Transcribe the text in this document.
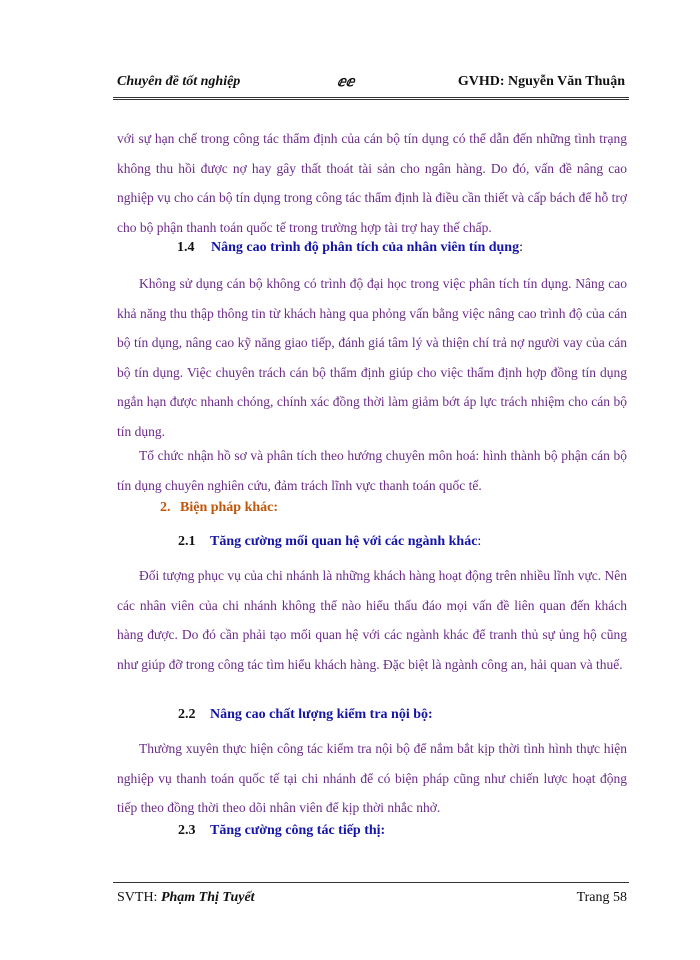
Chuyên đề tốt nghiệp	ⅇⅇ	GVHD: Nguyễn Văn Thuận
với sự hạn chế trong công tác thẩm định của cán bộ tín dụng có thể dẫn đến những tình trạng không thu hồi được nợ hay gây thất thoát tài sản cho ngân hàng. Do đó, vấn đề nâng cao nghiệp vụ cho cán bộ tín dụng trong công tác thẩm định là điều cần thiết và cấp bách để hỗ trợ cho bộ phận thanh toán quốc tế trong trường hợp tài trợ hay thế chấp.
1.4 Nâng cao trình độ phân tích của nhân viên tín dụng:
Không sử dụng cán bộ không có trình độ đại học trong việc phân tích tín dụng. Nâng cao khả năng thu thập thông tin từ khách hàng qua phỏng vấn bằng việc nâng cao trình độ của cán bộ tín dụng, nâng cao kỹ năng giao tiếp, đánh giá tâm lý và thiện chí trả nợ người vay của cán bộ tín dụng. Việc chuyên trách cán bộ thẩm định giúp cho việc thẩm định hợp đồng tín dụng ngắn hạn được nhanh chóng, chính xác đồng thời làm giảm bớt áp lực trách nhiệm cho cán bộ tín dụng.
Tổ chức nhận hồ sơ và phân tích theo hướng chuyên môn hoá: hình thành bộ phận cán bộ tín dụng chuyên nghiên cứu, đảm trách lĩnh vực thanh toán quốc tế.
2. Biện pháp khác:
2.1 Tăng cường mối quan hệ với các ngành khác:
Đối tượng phục vụ của chi nhánh là những khách hàng hoạt động trên nhiều lĩnh vực. Nên các nhân viên của chi nhánh không thể nào hiểu thấu đáo mọi vấn đề liên quan đến khách hàng được. Do đó cần phải tạo mối quan hệ với các ngành khác để tranh thủ sự ủng hộ cũng như giúp đỡ trong công tác tìm hiểu khách hàng. Đặc biệt là ngành công an, hải quan và thuế.
2.2 Nâng cao chất lượng kiểm tra nội bộ:
Thường xuyên thực hiện công tác kiểm tra nội bộ để nắm bắt kịp thời tình hình thực hiện nghiệp vụ thanh toán quốc tế tại chi nhánh để có biện pháp cũng như chiến lược hoạt động tiếp theo đồng thời theo dõi nhân viên để kịp thời nhắc nhở.
2.3 Tăng cường công tác tiếp thị:
SVTH: Phạm Thị Tuyết	Trang 58
